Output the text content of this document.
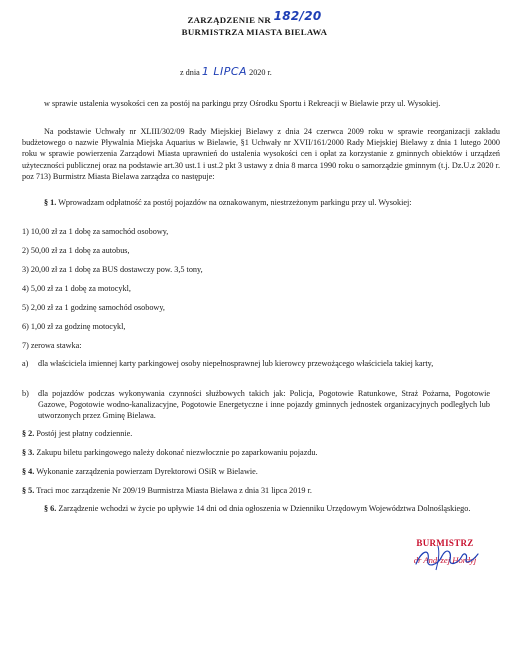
ZARZĄDZENIE NR 182/20
BURMISTRZA MIASTA BIELAWA
z dnia 1 LIPCA 2020 r.

w sprawie ustalenia wysokości cen za postój na parkingu przy Ośrodku Sportu i Rekreacji w Bielawie przy ul. Wysokiej.

Na podstawie Uchwały nr XLIII/302/09 Rady Miejskiej Bielawy z dnia 24 czerwca 2009 roku w sprawie reorganizacji zakładu budżetowego o nazwie Pływalnia Miejska Aquarius w Bielawie, §1 Uchwały nr XVII/161/2000 Rady Miejskiej Bielawy z dnia 1 lutego 2000 roku w sprawie powierzenia Zarządowi Miasta uprawnień do ustalenia wysokości cen i opłat za korzystanie z gminnych obiektów i urządzeń użyteczności publicznej oraz na podstawie art.30 ust.1 i ust.2 pkt 3 ustawy z dnia 8 marca 1990 roku o samorządzie gminnym (t.j. Dz.U.z 2020 r. poz 713) Burmistrz Miasta Bielawa zarządza co następuje:

§ 1. Wprowadzam odpłatność za postój pojazdów na oznakowanym, niestrzeżonym parkingu przy ul. Wysokiej:

1) 10,00 zł za 1 dobę za samochód osobowy,
2) 50,00 zł za 1 dobę za autobus,
3) 20,00 zł za 1 dobę za BUS dostawczy pow. 3,5 tony,
4) 5,00 zł za 1 dobę za motocykl,
5) 2,00 zł za 1 godzinę samochód osobowy,
6) 1,00 zł za godzinę motocykl,
7) zerowa stawka:
a) dla właściciela imiennej karty parkingowej osoby niepełnosprawnej lub kierowcy przewożącego właściciela takiej karty,
b) dla pojazdów podczas wykonywania czynności służbowych takich jak: Policja, Pogotowie Ratunkowe, Straż Pożarna, Pogotowie Gazowe, Pogotowie wodno-kanalizacyjne, Pogotowie Energetyczne i inne pojazdy gminnych jednostek organizacyjnych podległych lub utworzonych przez Gminę Bielawa.
§ 2. Postój jest płatny codziennie.
§ 3. Zakupu biletu parkingowego należy dokonać niezwłocznie po zaparkowaniu pojazdu.
§ 4. Wykonanie zarządzenia powierzam Dyrektorowi OSiR w Bielawie.
§ 5. Traci moc zarządzenie Nr 209/19 Burmistrza Miasta Bielawa z dnia 31 lipca 2019 r.

§ 6. Zarządzenie wchodzi w życie po upływie 14 dni od dnia ogłoszenia w Dzienniku Urzędowym Województwa Dolnośląskiego.

BURMISTRZ
dr Andrzej Hordyj
